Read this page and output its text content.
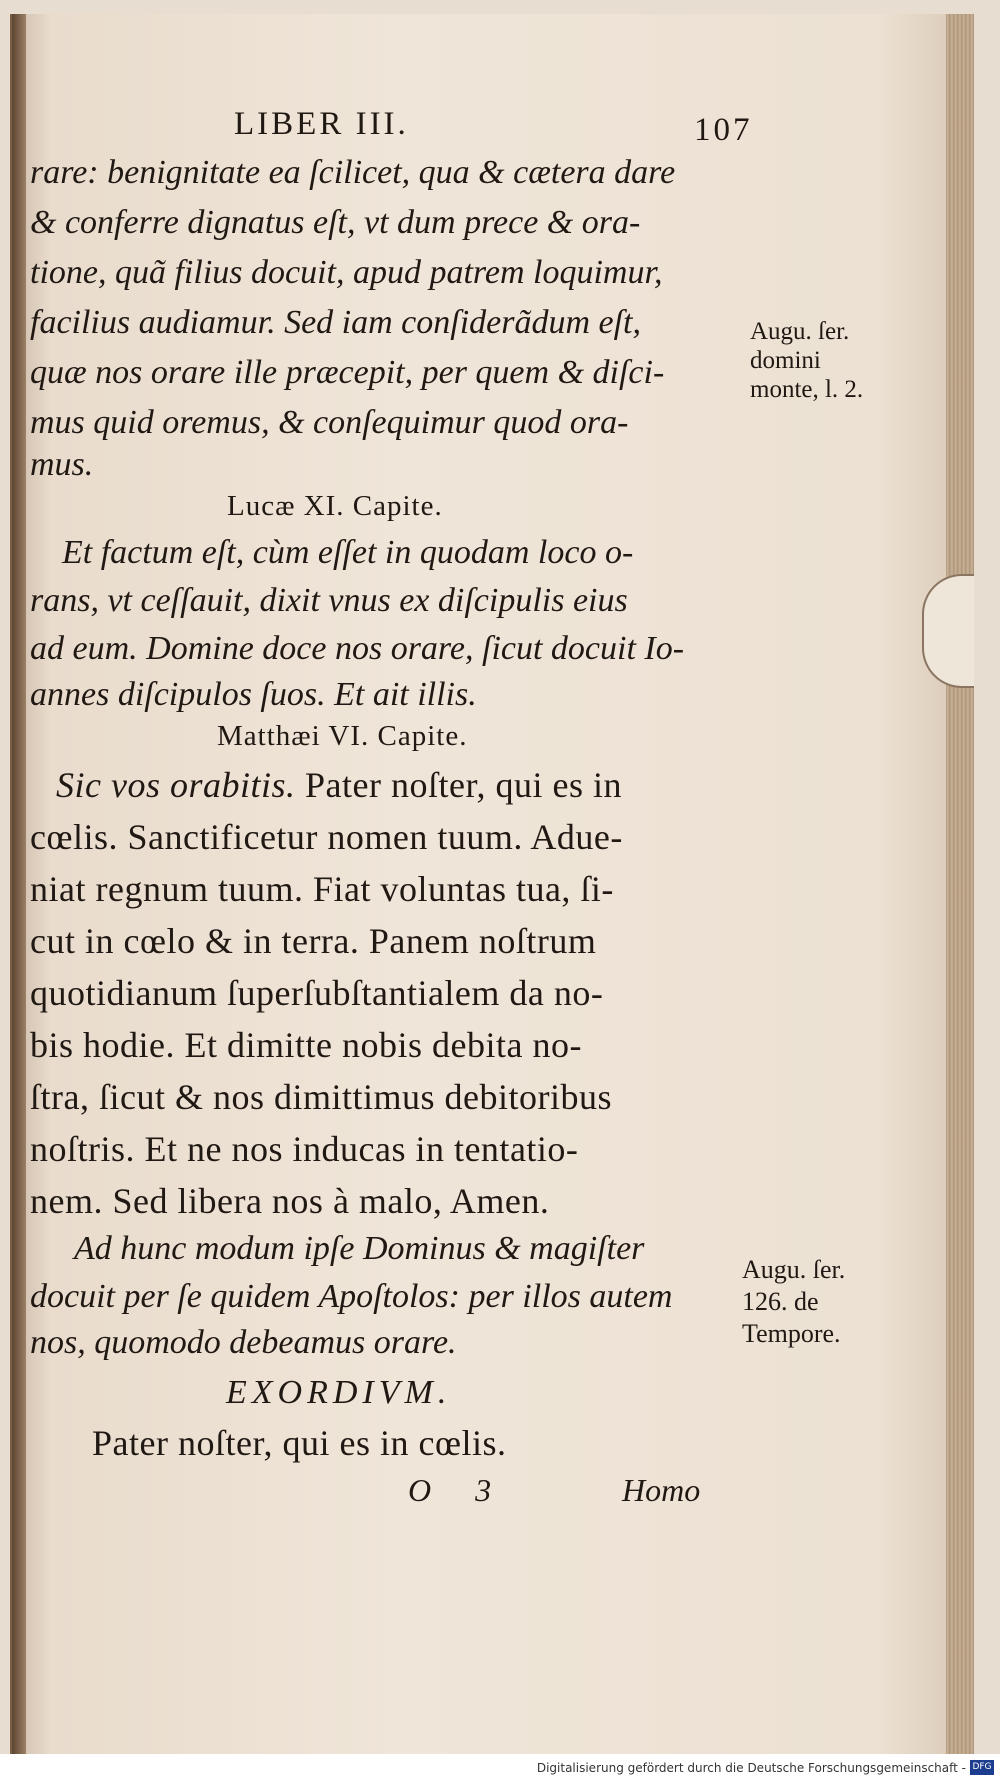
LIBER III.	107
rare: benignitate ea ſcilicet, qua & cætera dare
& conferre dignatus eſt, vt dum prece & ora-
tione, quã filius docuit, apud patrem loquimur,
facilius audiamur. Sed iam conſiderãdum eſt,
quæ nos orare ille præcepit, per quem & diſci-
mus quid oremus, & conſequimur quod ora-
mus.
Augu. ſer.
domini
monte, l. 2.
Lucæ XI. Capite.
Et factum eſt, cùm eſſet in quodam loco o-
rans, vt ceſſauit, dixit vnus ex diſcipulis eius
ad eum. Domine doce nos orare, ſicut docuit Io-
annes diſcipulos ſuos. Et ait illis.
Matthæi VI. Capite.
Sic vos orabitis. Pater noſter, qui es in
cœlis. Sanctificetur nomen tuum. Adue-
niat regnum tuum. Fiat voluntas tua, ſi-
cut in cœlo & in terra. Panem noſtrum
quotidianum ſuperſubſtantialem da no-
bis hodie. Et dimitte nobis debita no-
ſtra, ſicut & nos dimittimus debitoribus
noſtris. Et ne nos inducas in tentatio-
nem. Sed libera nos à malo, Amen.
Ad hunc modum ipſe Dominus & magiſter
docuit per ſe quidem Apoſtolos: per illos autem
nos, quomodo debeamus orare.
Augu. ſer.
126. de
Tempore.
EXORDIVM.
Pater noſter, qui es in cœlis.
O 3	Homo
Digitalisierung gefördert durch die Deutsche Forschungsgemeinschaft - DFG
